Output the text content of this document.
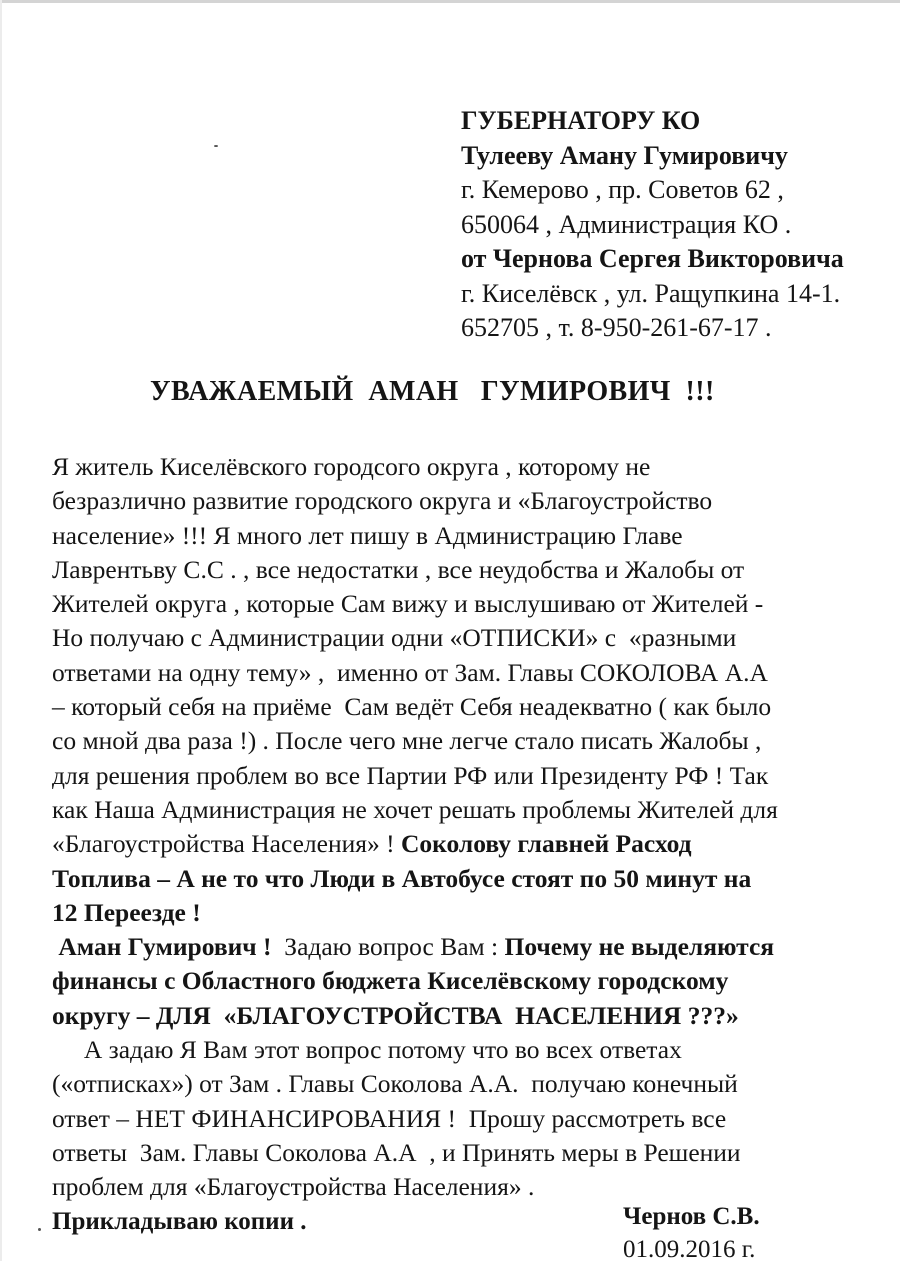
ГУБЕРНАТОРУ КО
Тулееву Аману Гумировичу
г. Кемерово , пр. Советов 62 ,
650064 , Администрация КО .
от Чернова Сергея Викторовича
г. Киселёвск , ул. Ращупкина 14-1.
652705 , т. 8-950-261-67-17 .
УВАЖАЕМЫЙ  АМАН   ГУМИРОВИЧ  !!!
Я житель Киселёвского городсого округа , которому не
безразлично развитие городского округа и «Благоустройство
население» !!! Я много лет пишу в Администрацию Главе
Лаврентьву С.С . , все недостатки , все неудобства и Жалобы от
Жителей округа , которые Сам вижу и выслушиваю от Жителей -
Но получаю с Администрации одни «ОТПИСКИ» с  «разными
ответами на одну тему» ,  именно от Зам. Главы СОКОЛОВА А.А
– который себя на приёме  Сам ведёт Себя неадекватно ( как было
со мной два раза !) . После чего мне легче стало писать Жалобы ,
для решения проблем во все Партии РФ или Президенту РФ ! Так
как Наша Администрация не хочет решать проблемы Жителей для
«Благоустройства Населения» ! Соколову главней Расход
Топлива – А не то что Люди в Автобусе стоят по 50 минут на
12 Переезде !
Аман Гумирович !  Задаю вопрос Вам : Почему не выделяются
финансы с Областного бюджета Киселёвскому городскому
округу – ДЛЯ  «БЛАГОУСТРОЙСТВА  НАСЕЛЕНИЯ ???»
А задаю Я Вам этот вопрос потому что во всех ответах
(«отписках») от Зам . Главы Соколова А.А.  получаю конечный
ответ – НЕТ ФИНАНСИРОВАНИЯ !  Прошу рассмотреть все
ответы  Зам. Главы Соколова А.А  , и Принять меры в Решении
проблем для «Благоустройства Населения» .
Прикладываю копии .	Чернов С.В.
01.09.2016 г.
